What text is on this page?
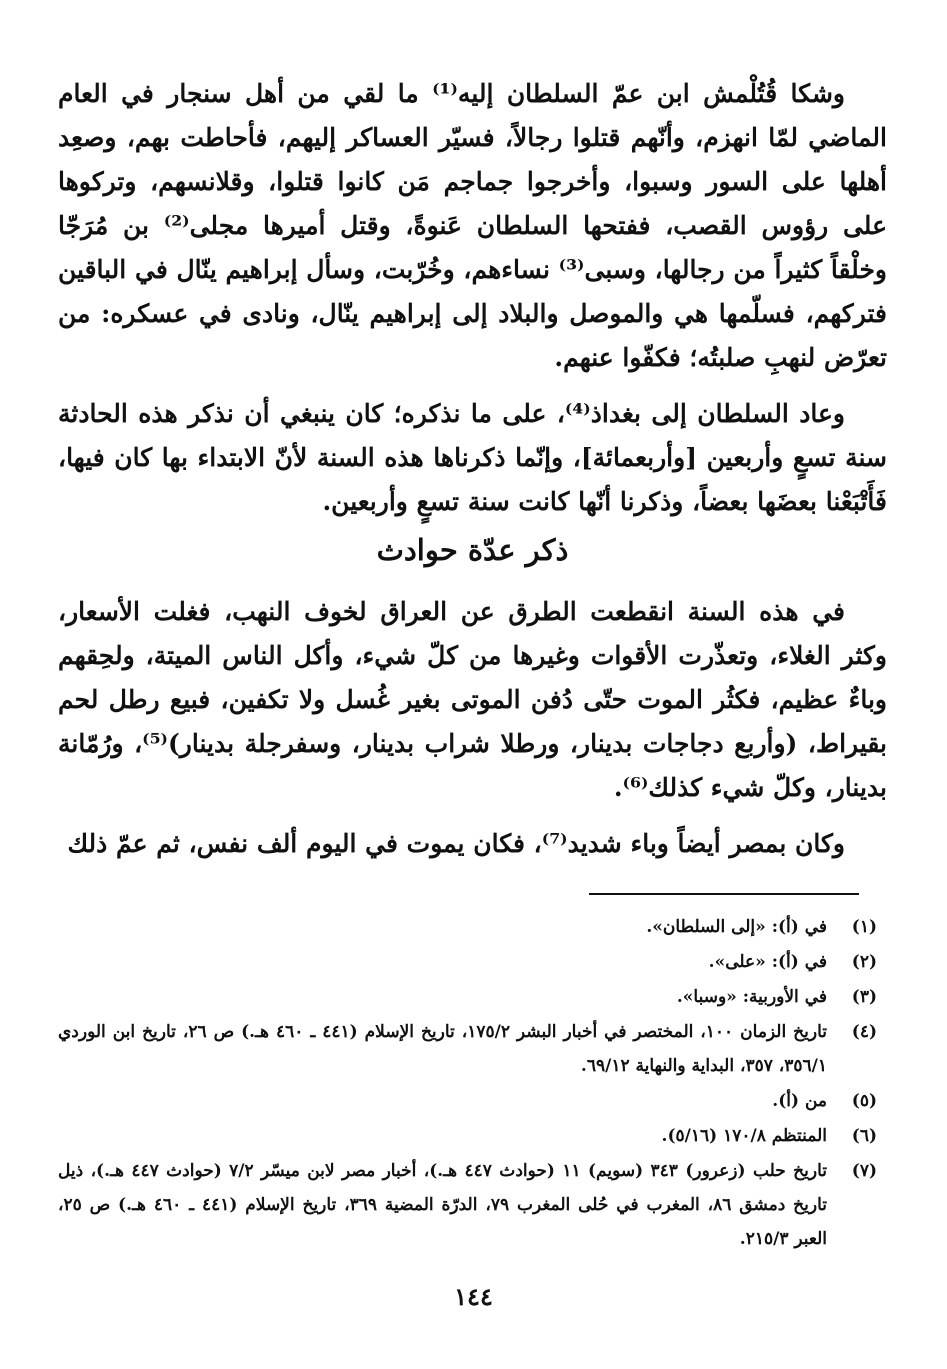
وشكا قُتُلْمش ابن عمّ السلطان إليه⁽¹⁾ ما لقي من أهل سنجار في العام الماضي لمّا انهزم، وأنّهم قتلوا رجالاً، فسيّر العساكر إليهم، فأحاطت بهم، وصعِد أهلها على السور وسبوا، وأخرجوا جماجم مَن كانوا قتلوا، وقلانسهم، وتركوها على رؤوس القصب، ففتحها السلطان عَنوةً، وقتل أميرها مجلى⁽²⁾ بن مُرَجّا وخلْقاً كثيراً من رجالها، وسبى⁽³⁾ نساءهم، وخُرّبت، وسأل إبراهيم ينّال في الباقين فتركهم، فسلّمها هي والموصل والبلاد إلى إبراهيم ينّال، ونادى في عسكره: من تعرّض لنهبِ صلبتُه؛ فكفّوا عنهم.

وعاد السلطان إلى بغداذ⁽⁴⁾، على ما نذكره؛ كان ينبغي أن نذكر هذه الحادثة سنة تسعٍ وأربعين [وأربعمائة]، وإنّما ذكرناها هذه السنة لأنّ الابتداء بها كان فيها، فَأَتْبَعْنا بعضَها بعضاً، وذكرنا أنّها كانت سنة تسعٍ وأربعين.

ذكر عدّة حوادث

في هذه السنة انقطعت الطرق عن العراق لخوف النهب، فغلت الأسعار، وكثر الغلاء، وتعذّرت الأقوات وغيرها من كلّ شيء، وأكل الناس الميتة، ولحِقهم وباءٌ عظيم، فكثُر الموت حتّى دُفن الموتى بغير غُسل ولا تكفين، فبيع رطل لحم بقيراط، (وأربع دجاجات بدينار، ورطلا شراب بدينار، وسفرجلة بدينار)⁽⁵⁾، ورُمّانة بدينار، وكلّ شيء كذلك⁽⁶⁾.

وكان بمصر أيضاً وباء شديد⁽⁷⁾، فكان يموت في اليوم ألف نفس، ثم عمّ ذلك

(١)
في (أ): «إلى السلطان».
(٢)
في (أ): «على».
(٣)
في الأوربية: «وسبا».
(٤)
تاريخ الزمان ١٠٠، المختصر في أخبار البشر ١٧٥/٢، تاريخ الإسلام (٤٤١ ـ ٤٦٠ هـ.) ص ٢٦، تاريخ ابن الوردي ٣٥٦/١، ٣٥٧، البداية والنهاية ٦٩/١٢.
(٥)
من (أ).
(٦)
المنتظم ١٧٠/٨ (٥/١٦).
(٧)
تاريخ حلب (زعرور) ٣٤٣ (سويم) ١١ (حوادث ٤٤٧ هـ.)، أخبار مصر لابن ميسّر ٧/٢ (حوادث ٤٤٧ هـ.)، ذيل تاريخ دمشق ٨٦، المغرب في حُلى المغرب ٧٩، الدرّة المضية ٣٦٩، تاريخ الإسلام (٤٤١ ـ ٤٦٠ هـ.) ص ٢٥، العبر ٢١٥/٣.
١٤٤
